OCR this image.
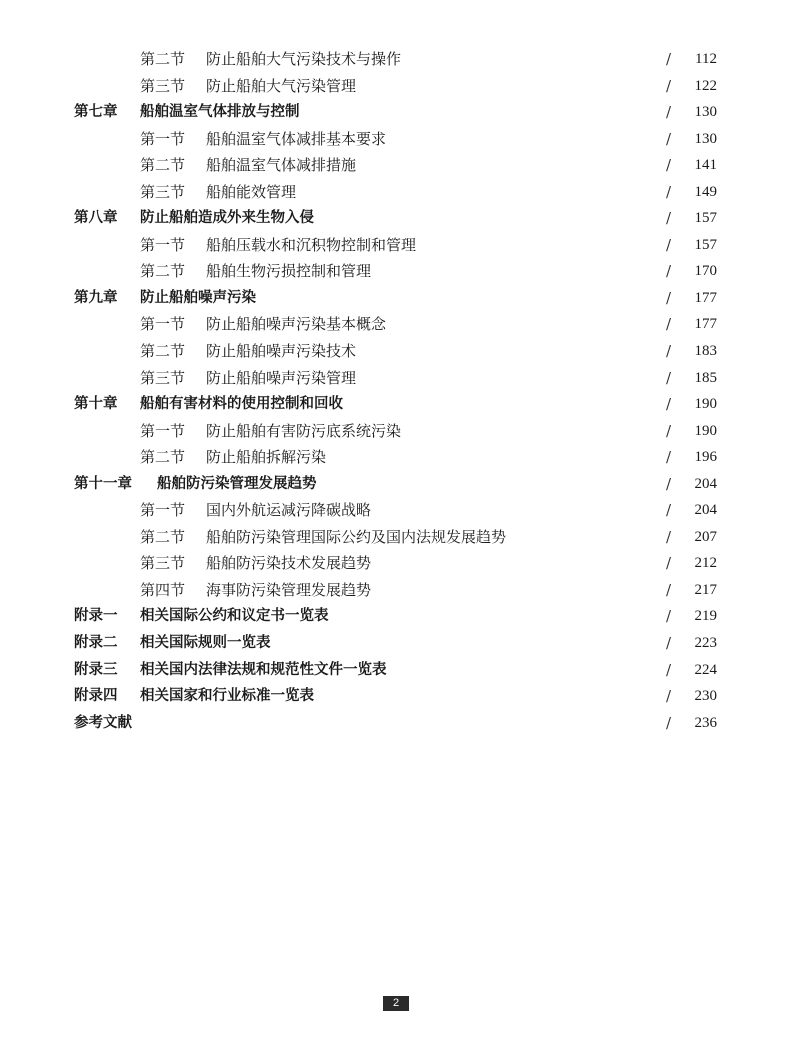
第二节 防止船舶大气污染技术与操作	/ 112
第三节 防止船舶大气污染管理	/ 122
第七章 船舶温室气体排放与控制	/ 130
第一节 船舶温室气体减排基本要求	/ 130
第二节 船舶温室气体减排措施	/ 141
第三节 船舶能效管理	/ 149
第八章 防止船舶造成外来生物入侵	/ 157
第一节 船舶压载水和沉积物控制和管理	/ 157
第二节 船舶生物污损控制和管理	/ 170
第九章 防止船舶噪声污染	/ 177
第一节 防止船舶噪声污染基本概念	/ 177
第二节 防止船舶噪声污染技术	/ 183
第三节 防止船舶噪声污染管理	/ 185
第十章 船舶有害材料的使用控制和回收	/ 190
第一节 防止船舶有害防污底系统污染	/ 190
第二节 防止船舶拆解污染	/ 196
第十一章 船舶防污染管理发展趋势	/ 204
第一节 国内外航运减污降碳战略	/ 204
第二节 船舶防污染管理国际公约及国内法规发展趋势	/ 207
第三节 船舶防污染技术发展趋势	/ 212
第四节 海事防污染管理发展趋势	/ 217
附录一 相关国际公约和议定书一览表	/ 219
附录二 相关国际规则一览表	/ 223
附录三 相关国内法律法规和规范性文件一览表	/ 224
附录四 相关国家和行业标准一览表	/ 230
参考文献	/ 236
2
